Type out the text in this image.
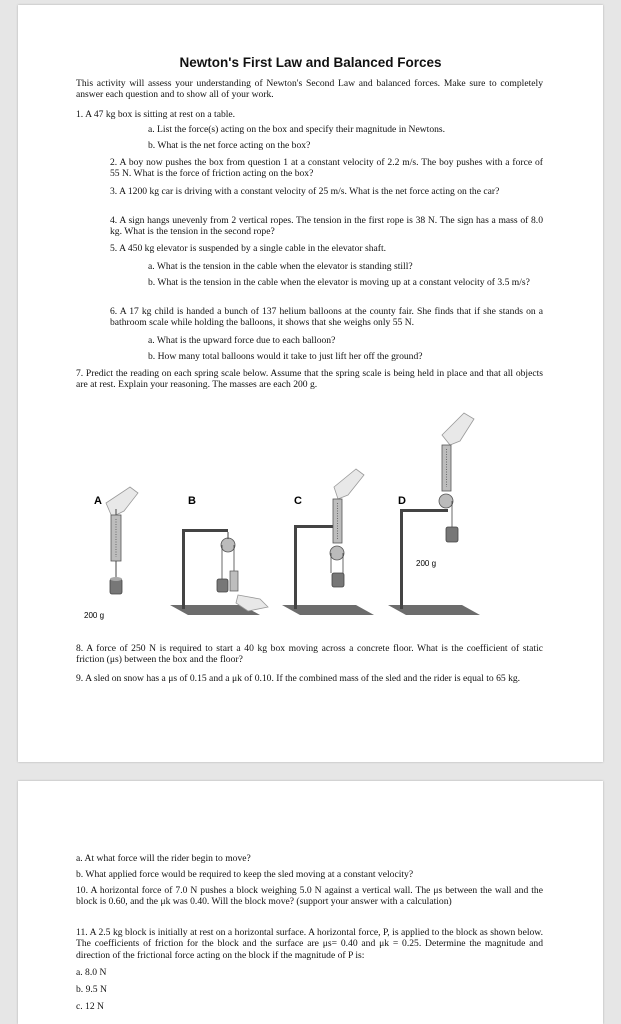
Newton's First Law and Balanced Forces
This activity will assess your understanding of Newton's Second Law and balanced forces. Make sure to completely answer each question and to show all of your work.
1. A 47 kg box is sitting at rest on a table.
a. List the force(s) acting on the box and specify their magnitude in Newtons.
b. What is the net force acting on the box?
2. A boy now pushes the box from question 1 at a constant velocity of 2.2 m/s. The boy pushes with a force of 55 N. What is the force of friction acting on the box?
3. A 1200 kg car is driving with a constant velocity of 25 m/s. What is the net force acting on the car?
4. A sign hangs unevenly from 2 vertical ropes. The tension in the first rope is 38 N. The sign has a mass of 8.0 kg. What is the tension in the second rope?
5. A 450 kg elevator is suspended by a single cable in the elevator shaft.
a. What is the tension in the cable when the elevator is standing still?
b. What is the tension in the cable when the elevator is moving up at a constant velocity of 3.5 m/s?
6. A 17 kg child is handed a bunch of 137 helium balloons at the county fair. She finds that if she stands on a bathroom scale while holding the balloons, it shows that she weighs only 55 N.
a. What is the upward force due to each balloon?
b. How many total balloons would it take to just lift her off the ground?
7. Predict the reading on each spring scale below. Assume that the spring scale is being held in place and that all objects are at rest. Explain your reasoning. The masses are each 200 g.
A	B	C	D
200 g
200 g
8. A force of 250 N is required to start a 40 kg box moving across a concrete floor. What is the coefficient of static friction (μs) between the box and the floor?
9. A sled on snow has a μs of 0.15 and a μk of 0.10. If the combined mass of the sled and the rider is equal to 65 kg.
a. At what force will the rider begin to move?
b. What applied force would be required to keep the sled moving at a constant velocity?
10. A horizontal force of 7.0 N pushes a block weighing 5.0 N against a vertical wall. The μs between the wall and the block is 0.60, and the μk was 0.40. Will the block move? (support your answer with a calculation)
11. A 2.5 kg block is initially at rest on a horizontal surface. A horizontal force, P, is applied to the block as shown below. The coefficients of friction for the block and the surface are μs= 0.40 and μk = 0.25. Determine the magnitude and direction of the frictional force acting on the block if the magnitude of P is:
a. 8.0 N
b. 9.5 N
c. 12 N
